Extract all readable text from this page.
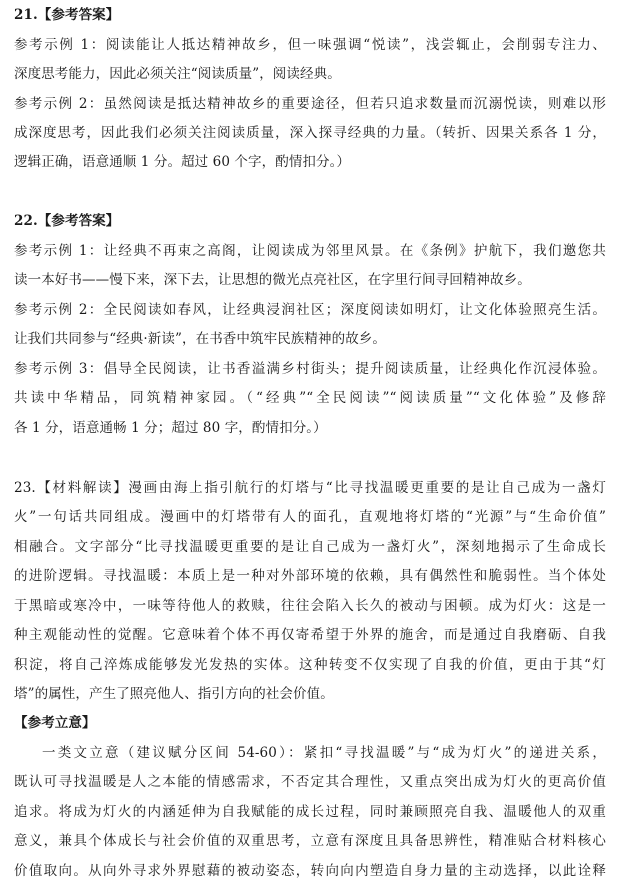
21.【参考答案】
参考示例 1：阅读能让人抵达精神故乡，但一味强调“悦读”，浅尝辄止，会削弱专注力、
深度思考能力，因此必须关注“阅读质量”，阅读经典。
参考示例 2：虽然阅读是抵达精神故乡的重要途径，但若只追求数量而沉溺悦读，则难以形
成深度思考，因此我们必须关注阅读质量，深入探寻经典的力量。（转折、因果关系各 1 分，
逻辑正确，语意通顺 1 分。超过 60 个字，酌情扣分。）
22.【参考答案】
参考示例 1：让经典不再束之高阁，让阅读成为邻里风景。在《条例》护航下，我们邀您共
读一本好书——慢下来，深下去，让思想的微光点亮社区，在字里行间寻回精神故乡。
参考示例 2：全民阅读如春风，让经典浸润社区；深度阅读如明灯，让文化体验照亮生活。
让我们共同参与“经典·新读”，在书香中筑牢民族精神的故乡。
参考示例 3：倡导全民阅读，让书香溢满乡村街头；提升阅读质量，让经典化作沉浸体验。
共读中华精品，同筑精神家园。（“经典”“全民阅读”“阅读质量”“文化体验”及修辞
各 1 分，语意通畅 1 分；超过 80 字，酌情扣分。）
23.【材料解读】漫画由海上指引航行的灯塔与“比寻找温暖更重要的是让自己成为一盏灯
火”一句话共同组成。漫画中的灯塔带有人的面孔，直观地将灯塔的“光源”与“生命价值”
相融合。文字部分“比寻找温暖更重要的是让自己成为一盏灯火”，深刻地揭示了生命成长
的进阶逻辑。寻找温暖：本质上是一种对外部环境的依赖，具有偶然性和脆弱性。当个体处
于黑暗或寒冷中，一味等待他人的救赎，往往会陷入长久的被动与困顿。成为灯火：这是一
种主观能动性的觉醒。它意味着个体不再仅寄希望于外界的施舍，而是通过自我磨砺、自我
积淀，将自己淬炼成能够发光发热的实体。这种转变不仅实现了自我的价值，更由于其“灯
塔”的属性，产生了照亮他人、指引方向的社会价值。
【参考立意】
一类文立意（建议赋分区间 54-60）：紧扣“寻找温暖”与“成为灯火”的递进关系，
既认可寻找温暖是人之本能的情感需求，不否定其合理性，又重点突出成为灯火的更高价值
追求。将成为灯火的内涵延伸为自我赋能的成长过程，同时兼顾照亮自我、温暖他人的双重
意义，兼具个体成长与社会价值的双重思考，立意有深度且具备思辨性，精准贴合材料核心
价值取向。从向外寻求外界慰藉的被动姿态，转向向内塑造自身力量的主动选择，以此诠释
